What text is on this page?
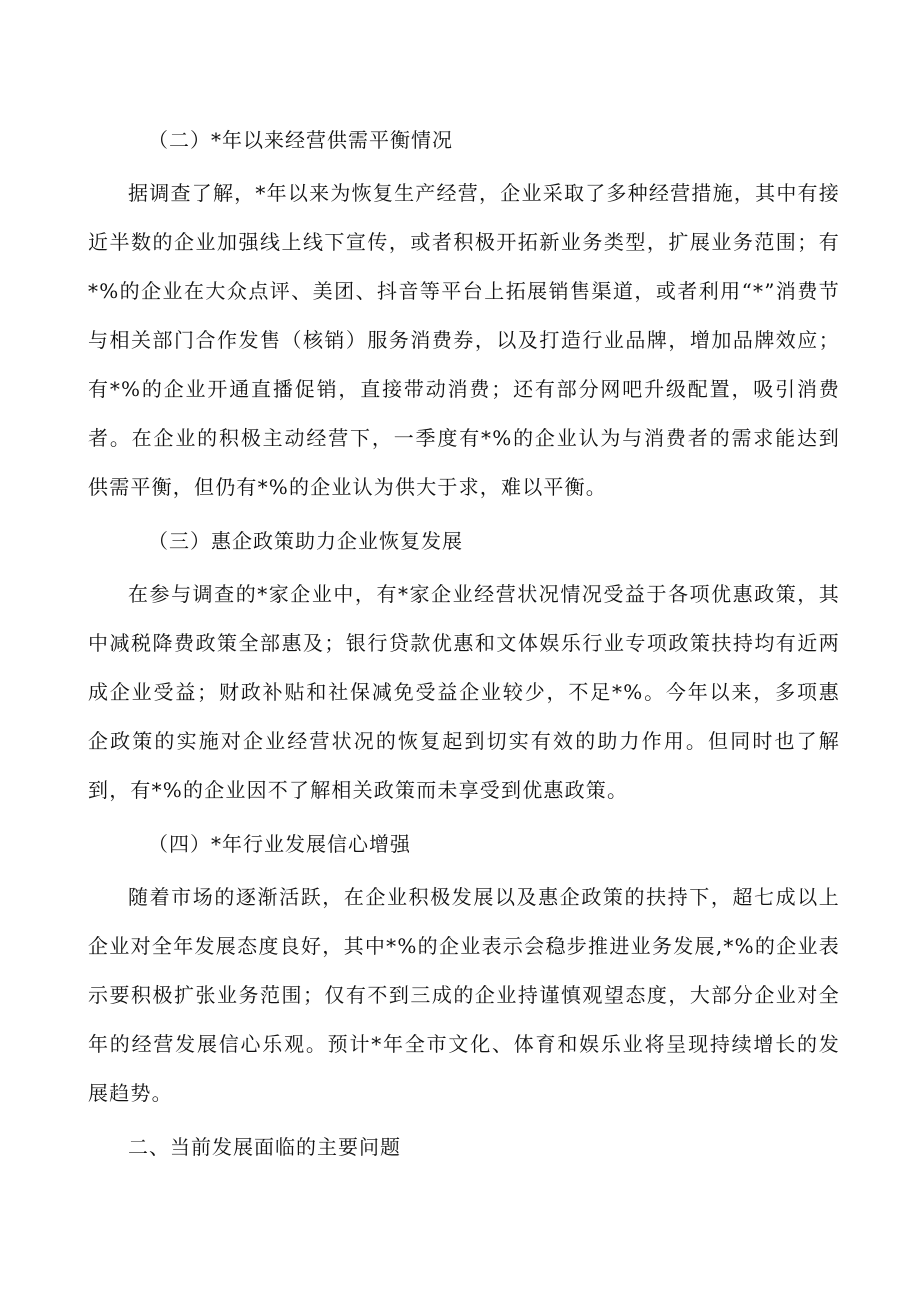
（二）*年以来经营供需平衡情况

据调查了解，*年以来为恢复生产经营，企业采取了多种经营措施，其中有接近半数的企业加强线上线下宣传，或者积极开拓新业务类型，扩展业务范围；有*%的企业在大众点评、美团、抖音等平台上拓展销售渠道，或者利用“*”消费节与相关部门合作发售（核销）服务消费券，以及打造行业品牌，增加品牌效应；有*%的企业开通直播促销，直接带动消费；还有部分网吧升级配置，吸引消费者。在企业的积极主动经营下，一季度有*%的企业认为与消费者的需求能达到供需平衡，但仍有*%的企业认为供大于求，难以平衡。

（三）惠企政策助力企业恢复发展

在参与调查的*家企业中，有*家企业经营状况情况受益于各项优惠政策，其中减税降费政策全部惠及；银行贷款优惠和文体娱乐行业专项政策扶持均有近两成企业受益；财政补贴和社保减免受益企业较少，不足*%。今年以来，多项惠企政策的实施对企业经营状况的恢复起到切实有效的助力作用。但同时也了解到，有*%的企业因不了解相关政策而未享受到优惠政策。

（四）*年行业发展信心增强

随着市场的逐渐活跃，在企业积极发展以及惠企政策的扶持下，超七成以上企业对全年发展态度良好，其中*%的企业表示会稳步推进业务发展,*%的企业表示要积极扩张业务范围；仅有不到三成的企业持谨慎观望态度，大部分企业对全年的经营发展信心乐观。预计*年全市文化、体育和娱乐业将呈现持续增长的发展趋势。

二、当前发展面临的主要问题
